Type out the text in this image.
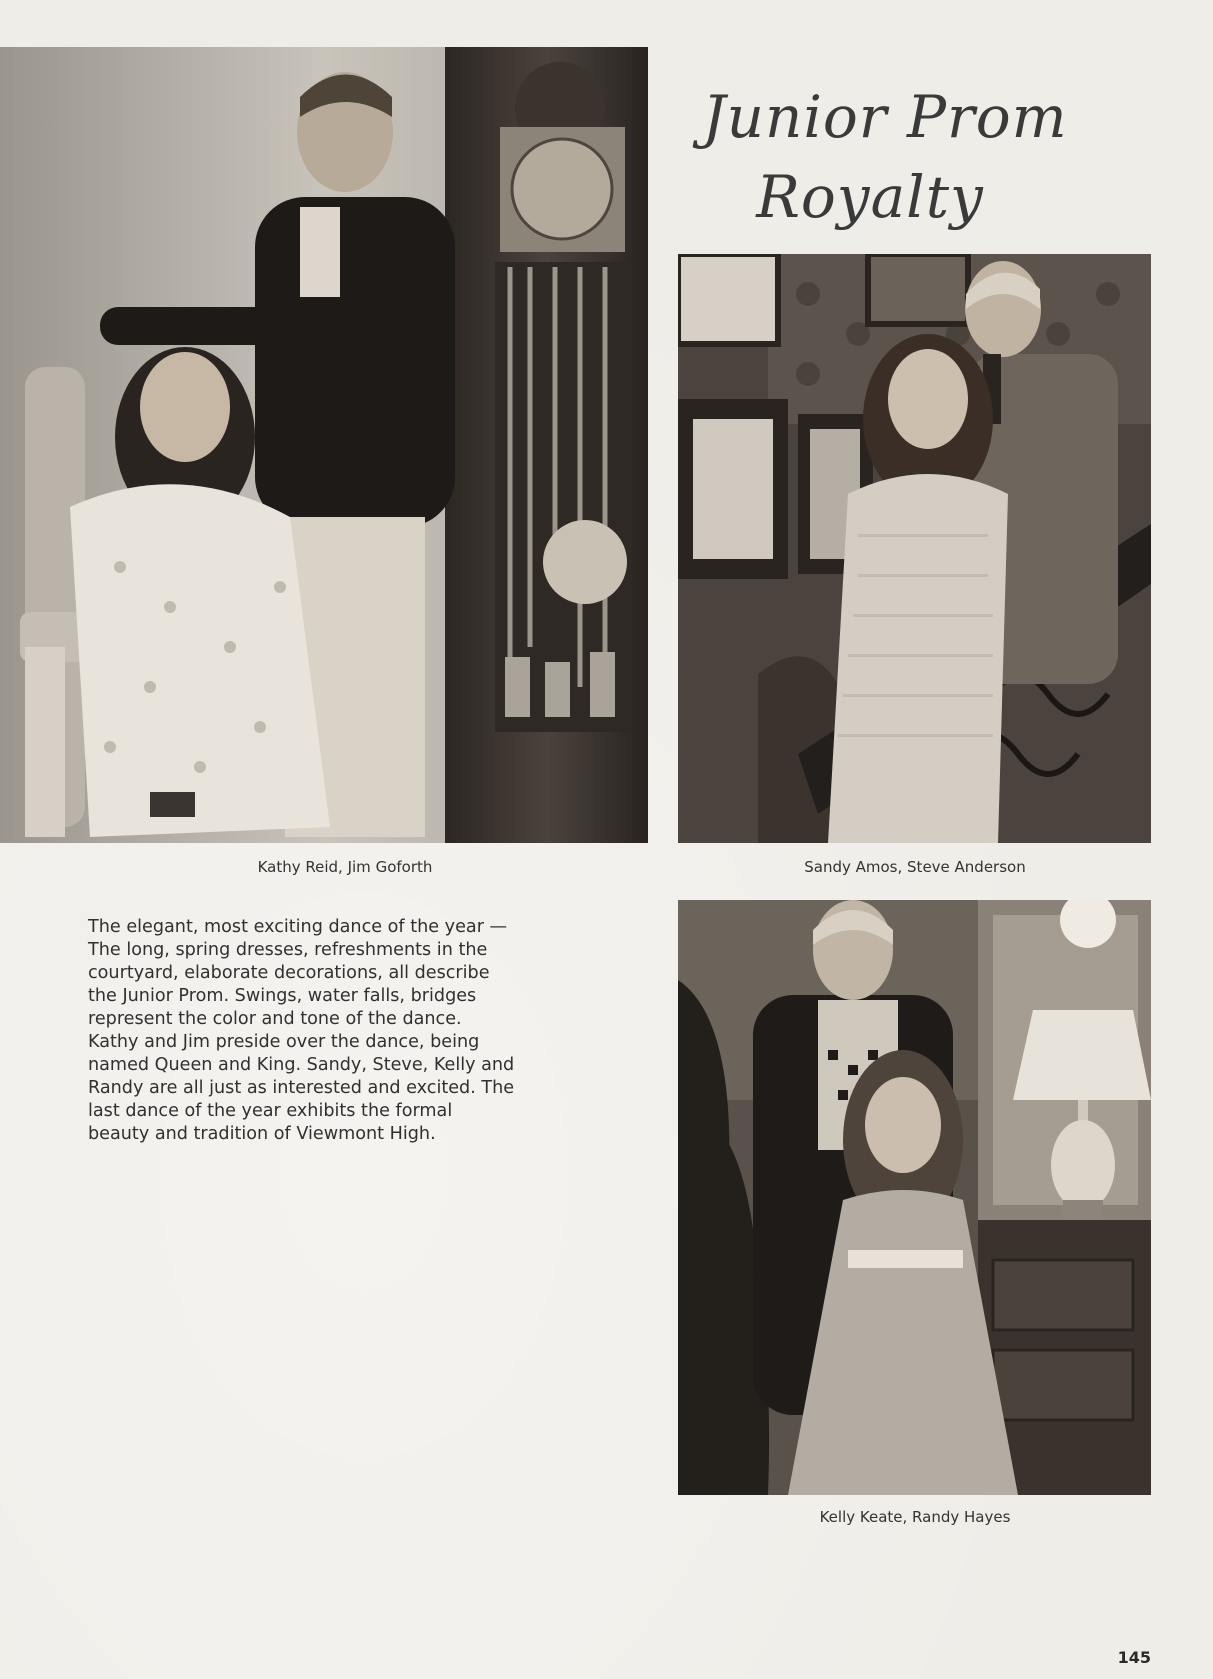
Junior Prom
Royalty
Kathy Reid, Jim Goforth	Sandy Amos, Steve Anderson
Kelly Keate, Randy Hayes
The elegant, most exciting dance of the year —
The long, spring dresses, refreshments in the
courtyard, elaborate decorations, all describe
the Junior Prom. Swings, water falls, bridges
represent the color and tone of the dance.
Kathy and Jim preside over the dance, being
named Queen and King. Sandy, Steve, Kelly and
Randy are all just as interested and excited. The
last dance of the year exhibits the formal
beauty and tradition of Viewmont High.
145
